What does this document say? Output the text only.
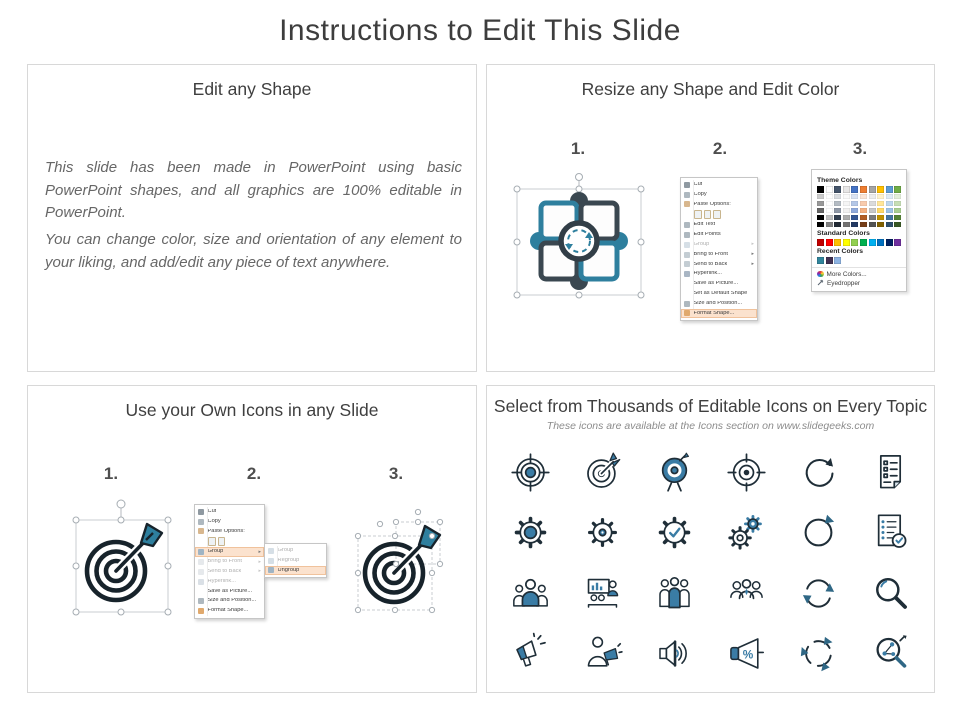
Instructions to Edit This Slide
Edit any Shape

This slide has been made in PowerPoint using basic PowerPoint shapes, and all graphics are 100% editable in PowerPoint.

You can change color, size and orientation of any element to your liking, and add/edit any piece of text anywhere.

Resize any Shape and Edit Color
1.	2.	3.
Cut
Copy
Paste Options:
Edit Text
Edit Points
Group	▸
Bring to Front	▸
Send to Back	▸
Hyperlink...
Save as Picture...
Set as Default Shape
Size and Position...
Format Shape...
Theme Colors
Standard Colors
Recent Colors
More Colors...
Eyedropper
Use your Own Icons in any Slide
1.	2.	3.
Cut
Copy
Paste Options:
Group	▸
Bring to Front	▸
Send to Back	▸
Hyperlink...
Save as Picture...
Size and Position...
Format Shape...
Group
Regroup
Ungroup
Select from Thousands of Editable Icons on Every Topic
These icons are available at the Icons section on www.slidegeeks.com
%
